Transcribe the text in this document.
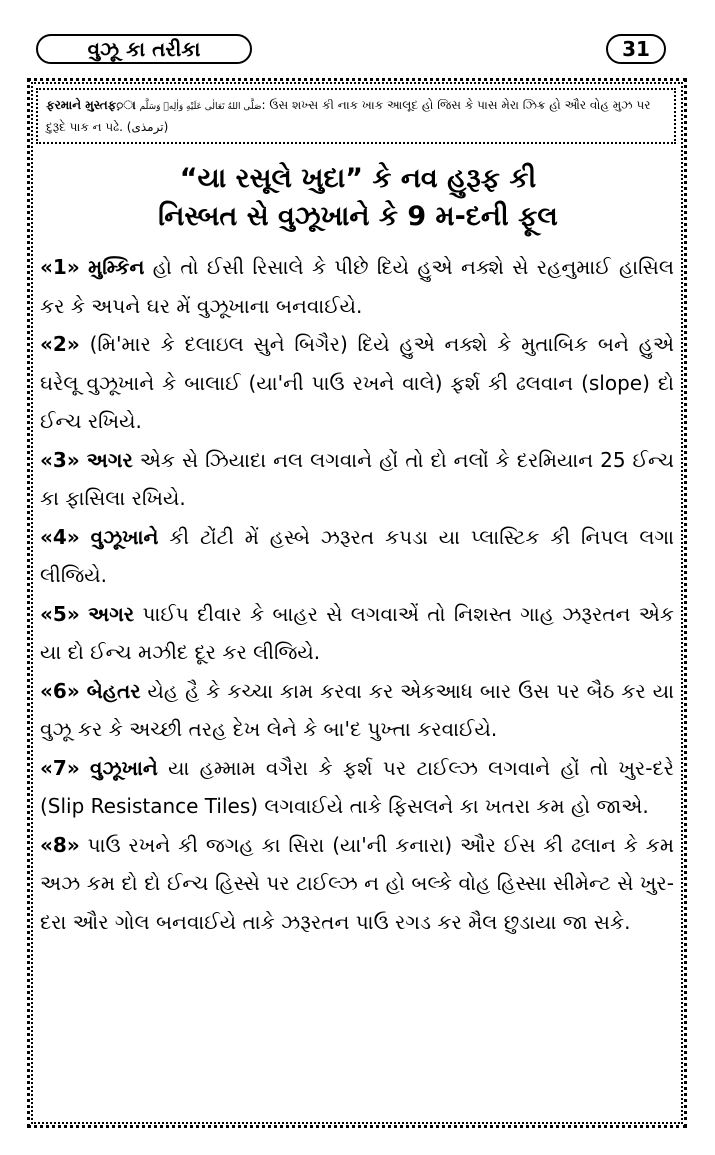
વુઝૂ કા તરીકા	31
ફરમાને મુસ્તફ़ા صَلَّى اللهُ تَعَالٰى عَلَيْهِ وَاٰلِهٖ وَسَلَّم: ઉસ શખ્સ કી નાક ખાક આલૂદ હો જિસ કે પાસ મેરા ઝિક્ર હો ઔર વોહ મુઝ પર દુરૂદે પાક ન પઢે. (ترمذی)
“યા રસૂલે ખુદા” કે નવ હુરૂફ કી
નિસ્બત સે વુઝૂખાને કે 9 મ-દની ફૂલ

«1» મુમ્કિન હો તો ઈસી રિસાલે કે પીછે દિયે હુએ નક્શે સે રહનુમાઈ હાસિલ કર કે અપને ઘર મેં વુઝૂખાના બનવાઈયે.

«2» (મિ'માર કે દલાઇલ સુને બિગૈર) દિયે હુએ નક્શે કે મુતાબિક બને હુએ ઘરેલૂ વુઝૂખાને કે બાલાઈ (યા'ની પાઉ રખને વાલે) ફર્શ કી ઢલવાન (slope) દો ઈન્ચ રખિયે.

«3» અગર એક સે ઝિયાદા નલ લગવાને હોં તો દો નલોં કે દરમિયાન 25 ઈન્ચ કા ફાસિલા રખિયે.

«4» વુઝૂખાને કી ટોંટી મેં હસ્બે ઝરૂરત કપડા યા પ્લાસ્ટિક કી નિપલ લગા લીજિયે.

«5» અગર પાઈપ દીવાર કે બાહર સે લગવાએં તો નિશસ્ત ગાહ ઝરૂરતન એક યા દો ઈન્ચ મઝીદ દૂર કર લીજિયે.

«6» બેહતર યેહ હૈ કે કચ્ચા કામ કરવા કર એકઆધ બાર ઉસ પર બૈઠ કર યા વુઝૂ કર કે અચ્છી તરહ દેખ લેને કે બા'દ પુખ્તા કરવાઈયે.

«7» વુઝૂખાને યા હમ્મામ વગૈરા કે ફર્શ પર ટાઈલ્ઝ લગવાને હોં તો ખુર-દરે (Slip Resistance Tiles) લગવાઈયે તાકે ફિસલને કા ખતરા કમ હો જાએ.

«8» પાઉ રખને કી જગહ કા સિરા (યા'ની કનારા) ઔર ઈસ કી ઢલાન કે કમ અઝ કમ દો દો ઈન્ચ હિસ્સે પર ટાઈલ્ઝ ન હો બલ્કે વોહ હિસ્સા સીમેન્ટ સે ખુર-દરા ઔર ગોલ બનવાઈયે તાકે ઝરૂરતન પાઉ રગડ કર મૈલ છુડાયા જા સકે.
